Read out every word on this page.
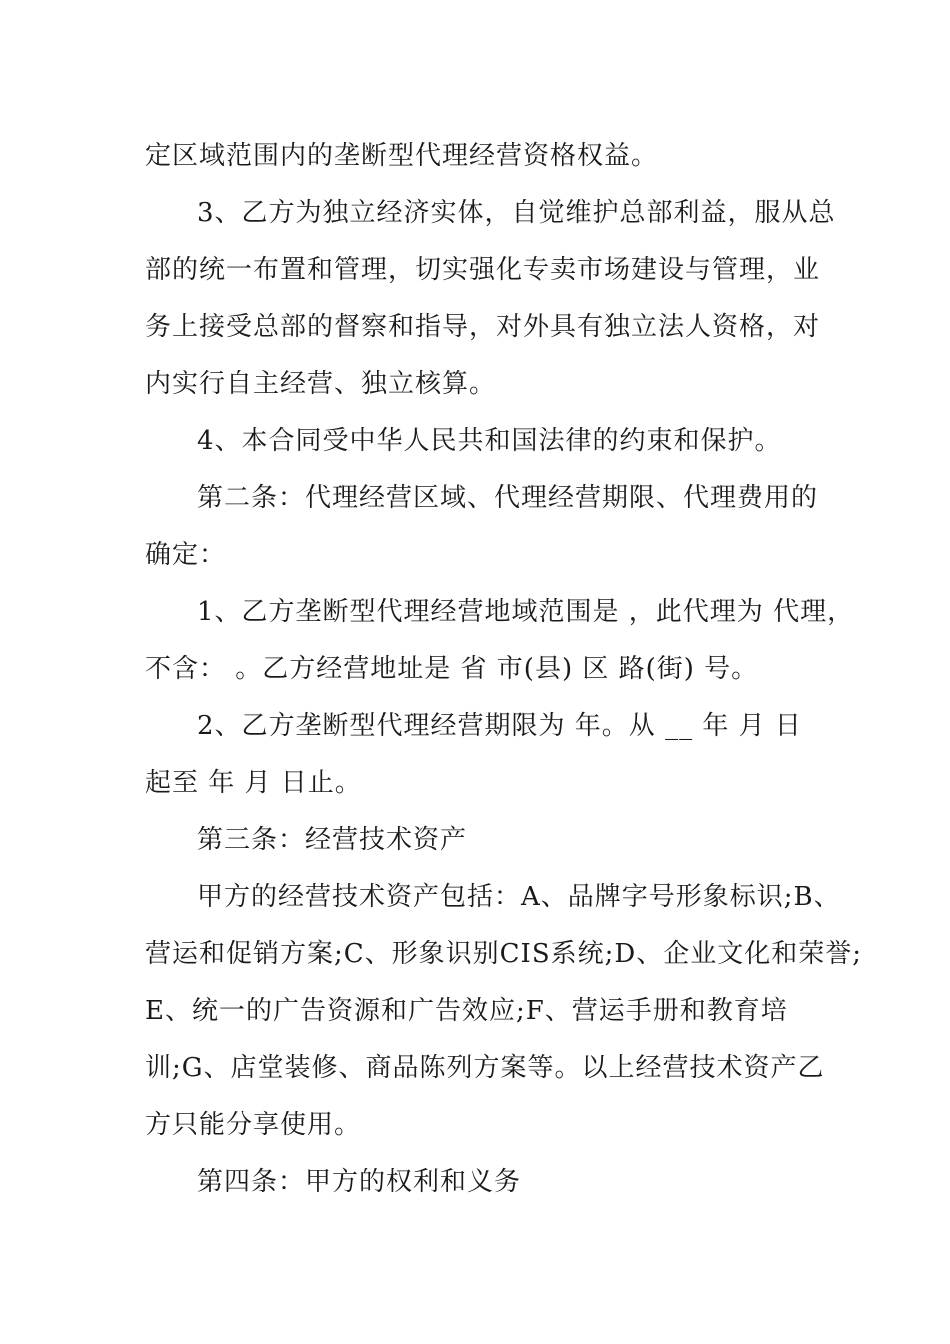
定区域范围内的垄断型代理经营资格权益。

3、乙方为独立经济实体，自觉维护总部利益，服从总
部的统一布置和管理，切实强化专卖市场建设与管理，业
务上接受总部的督察和指导，对外具有独立法人资格，对
内实行自主经营、独立核算。

4、本合同受中华人民共和国法律的约束和保护。

第二条：代理经营区域、代理经营期限、代理费用的
确定：

1、乙方垄断型代理经营地域范围是 ，此代理为 代理，
不含： 。乙方经营地址是 省 市(县) 区 路(街) 号。

2、乙方垄断型代理经营期限为 年。从 __ 年 月 日
起至 年 月 日止。

第三条：经营技术资产

甲方的经营技术资产包括：A、品牌字号形象标识;B、
营运和促销方案;C、形象识别CIS系统;D、企业文化和荣誉;
E、统一的广告资源和广告效应;F、营运手册和教育培
训;G、店堂装修、商品陈列方案等。以上经营技术资产乙
方只能分享使用。

第四条：甲方的权利和义务
